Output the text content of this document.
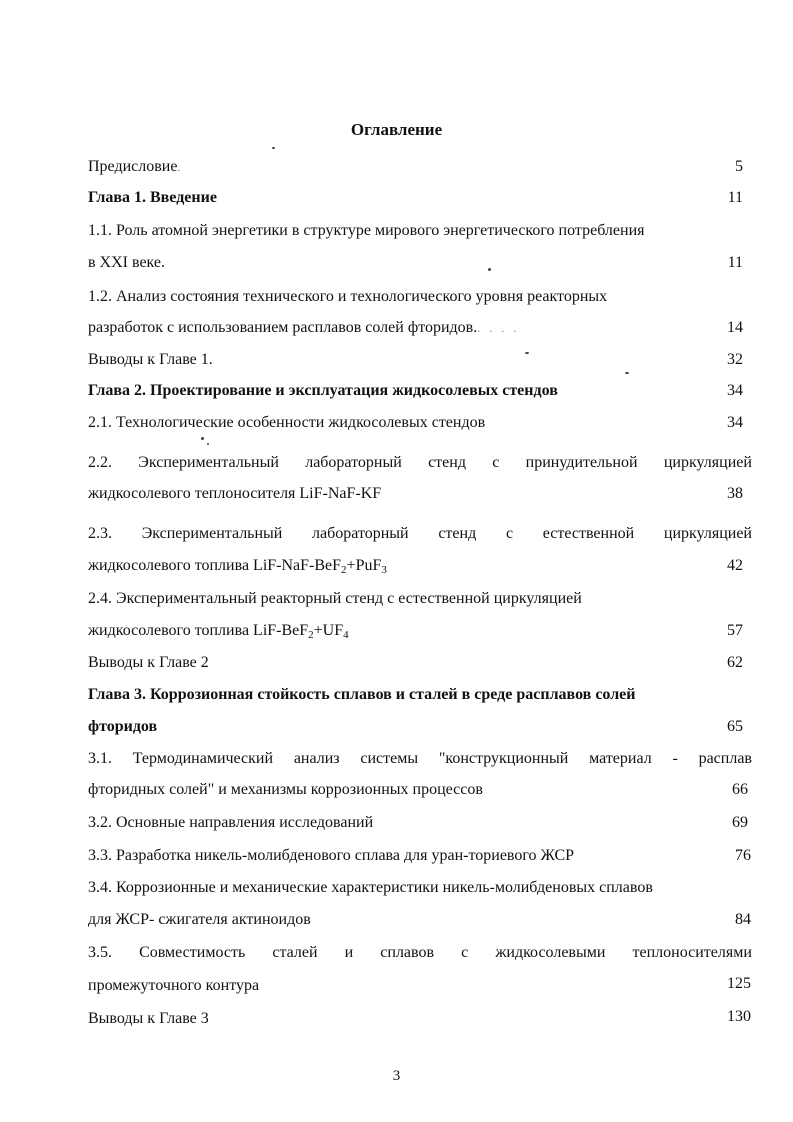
Оглавление
Предисловие.	5
Глава 1. Введение	11
1.1. Роль атомной энергетики в структуре мирового энергетического потребления
в XXI веке.	11
1.2. Анализ состояния технического и технологического уровня реакторных
разработок с использованием расплавов солей фторидов.. . . .	14
Выводы к Главе 1.	32
Глава 2. Проектирование и эксплуатация жидкосолевых стендов	34
2.1. Технологические особенности жидкосолевых стендов	34
2.2. Экспериментальный лабораторный стенд с принудительной циркуляцией
жидкосолевого теплоносителя LiF-NaF-KF	38
2.3. Экспериментальный лабораторный стенд с естественной циркуляцией
жидкосолевого топлива LiF-NaF-BeF$_2$+PuF$_3$	42
2.4. Экспериментальный реакторный стенд с естественной циркуляцией
жидкосолевого топлива LiF-$BeF_2+UF_4$	57
Выводы к Главе 2	62
Глава 3. Коррозионная стойкость сплавов и сталей в среде расплавов солей
фторидов	65
3.1. Термодинамический анализ системы "конструкционный материал - расплав
фторидных солей" и механизмы коррозионных процессов	66
3.2. Основные направления исследований	69
3.3. Разработка никель-молибденового сплава для уран-ториевого ЖСР	76
3.4. Коррозионные и механические характеристики никель-молибденовых сплавов
для ЖСР- сжигателя актиноидов	84
3.5. Совместимость сталей и сплавов с жидкосолевыми теплоносителями
промежуточного контура	125
Выводы к Главе 3	130
3
